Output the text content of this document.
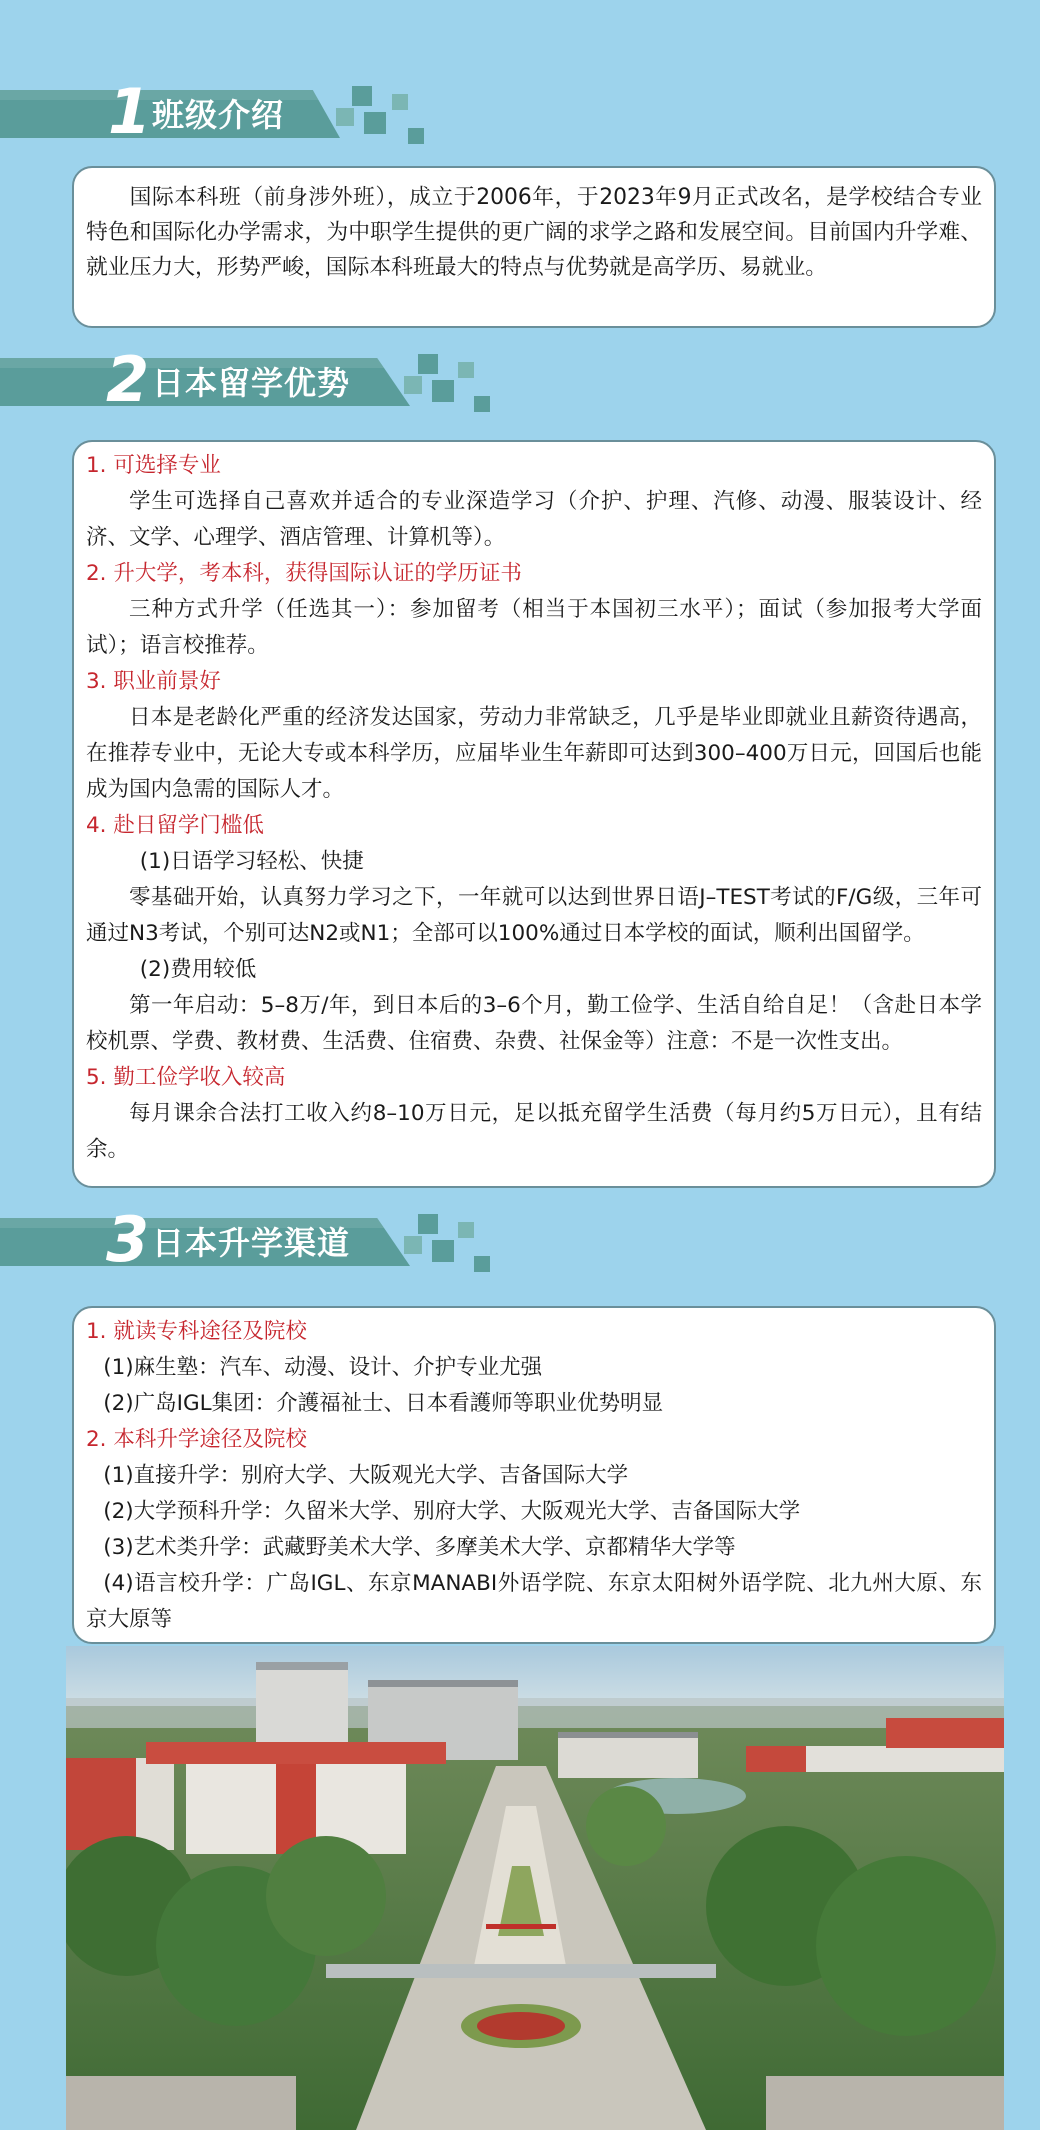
1 班级介绍

国际本科班（前身涉外班），成立于2006年，于2023年9月正式改名，是学校结合专业特色和国际化办学需求，为中职学生提供的更广阔的求学之路和发展空间。目前国内升学难、就业压力大，形势严峻，国际本科班最大的特点与优势就是高学历、易就业。

2 日本留学优势

1. 可选择专业

学生可选择自己喜欢并适合的专业深造学习（介护、护理、汽修、动漫、服装设计、经济、文学、心理学、酒店管理、计算机等）。

2. 升大学，考本科，获得国际认证的学历证书

三种方式升学（任选其一）：参加留考（相当于本国初三水平）；面试（参加报考大学面试）；语言校推荐。

3. 职业前景好

日本是老龄化严重的经济发达国家，劳动力非常缺乏，几乎是毕业即就业且薪资待遇高，在推荐专业中，无论大专或本科学历，应届毕业生年薪即可达到300–400万日元，回国后也能成为国内急需的国际人才。

4. 赴日留学门槛低

(1)日语学习轻松、快捷

零基础开始，认真努力学习之下，一年就可以达到世界日语J–TEST考试的F/G级，三年可通过N3考试，个别可达N2或N1；全部可以100%通过日本学校的面试，顺利出国留学。

(2)费用较低

第一年启动：5–8万/年，到日本后的3–6个月，勤工俭学、生活自给自足！（含赴日本学校机票、学费、教材费、生活费、住宿费、杂费、社保金等）注意：不是一次性支出。

5. 勤工俭学收入较高

每月课余合法打工收入约8–10万日元，足以抵充留学生活费（每月约5万日元），且有结余。

3 日本升学渠道

1. 就读专科途径及院校

(1)麻生塾：汽车、动漫、设计、介护专业尤强

(2)广岛IGL集团：介護福祉士、日本看護师等职业优势明显

2. 本科升学途径及院校

(1)直接升学：别府大学、大阪观光大学、吉备国际大学

(2)大学预科升学：久留米大学、别府大学、大阪观光大学、吉备国际大学

(3)艺术类升学：武藏野美术大学、多摩美术大学、京都精华大学等

(4)语言校升学：广岛IGL、东京MANABI外语学院、东京太阳树外语学院、北九州大原、东京大原等
